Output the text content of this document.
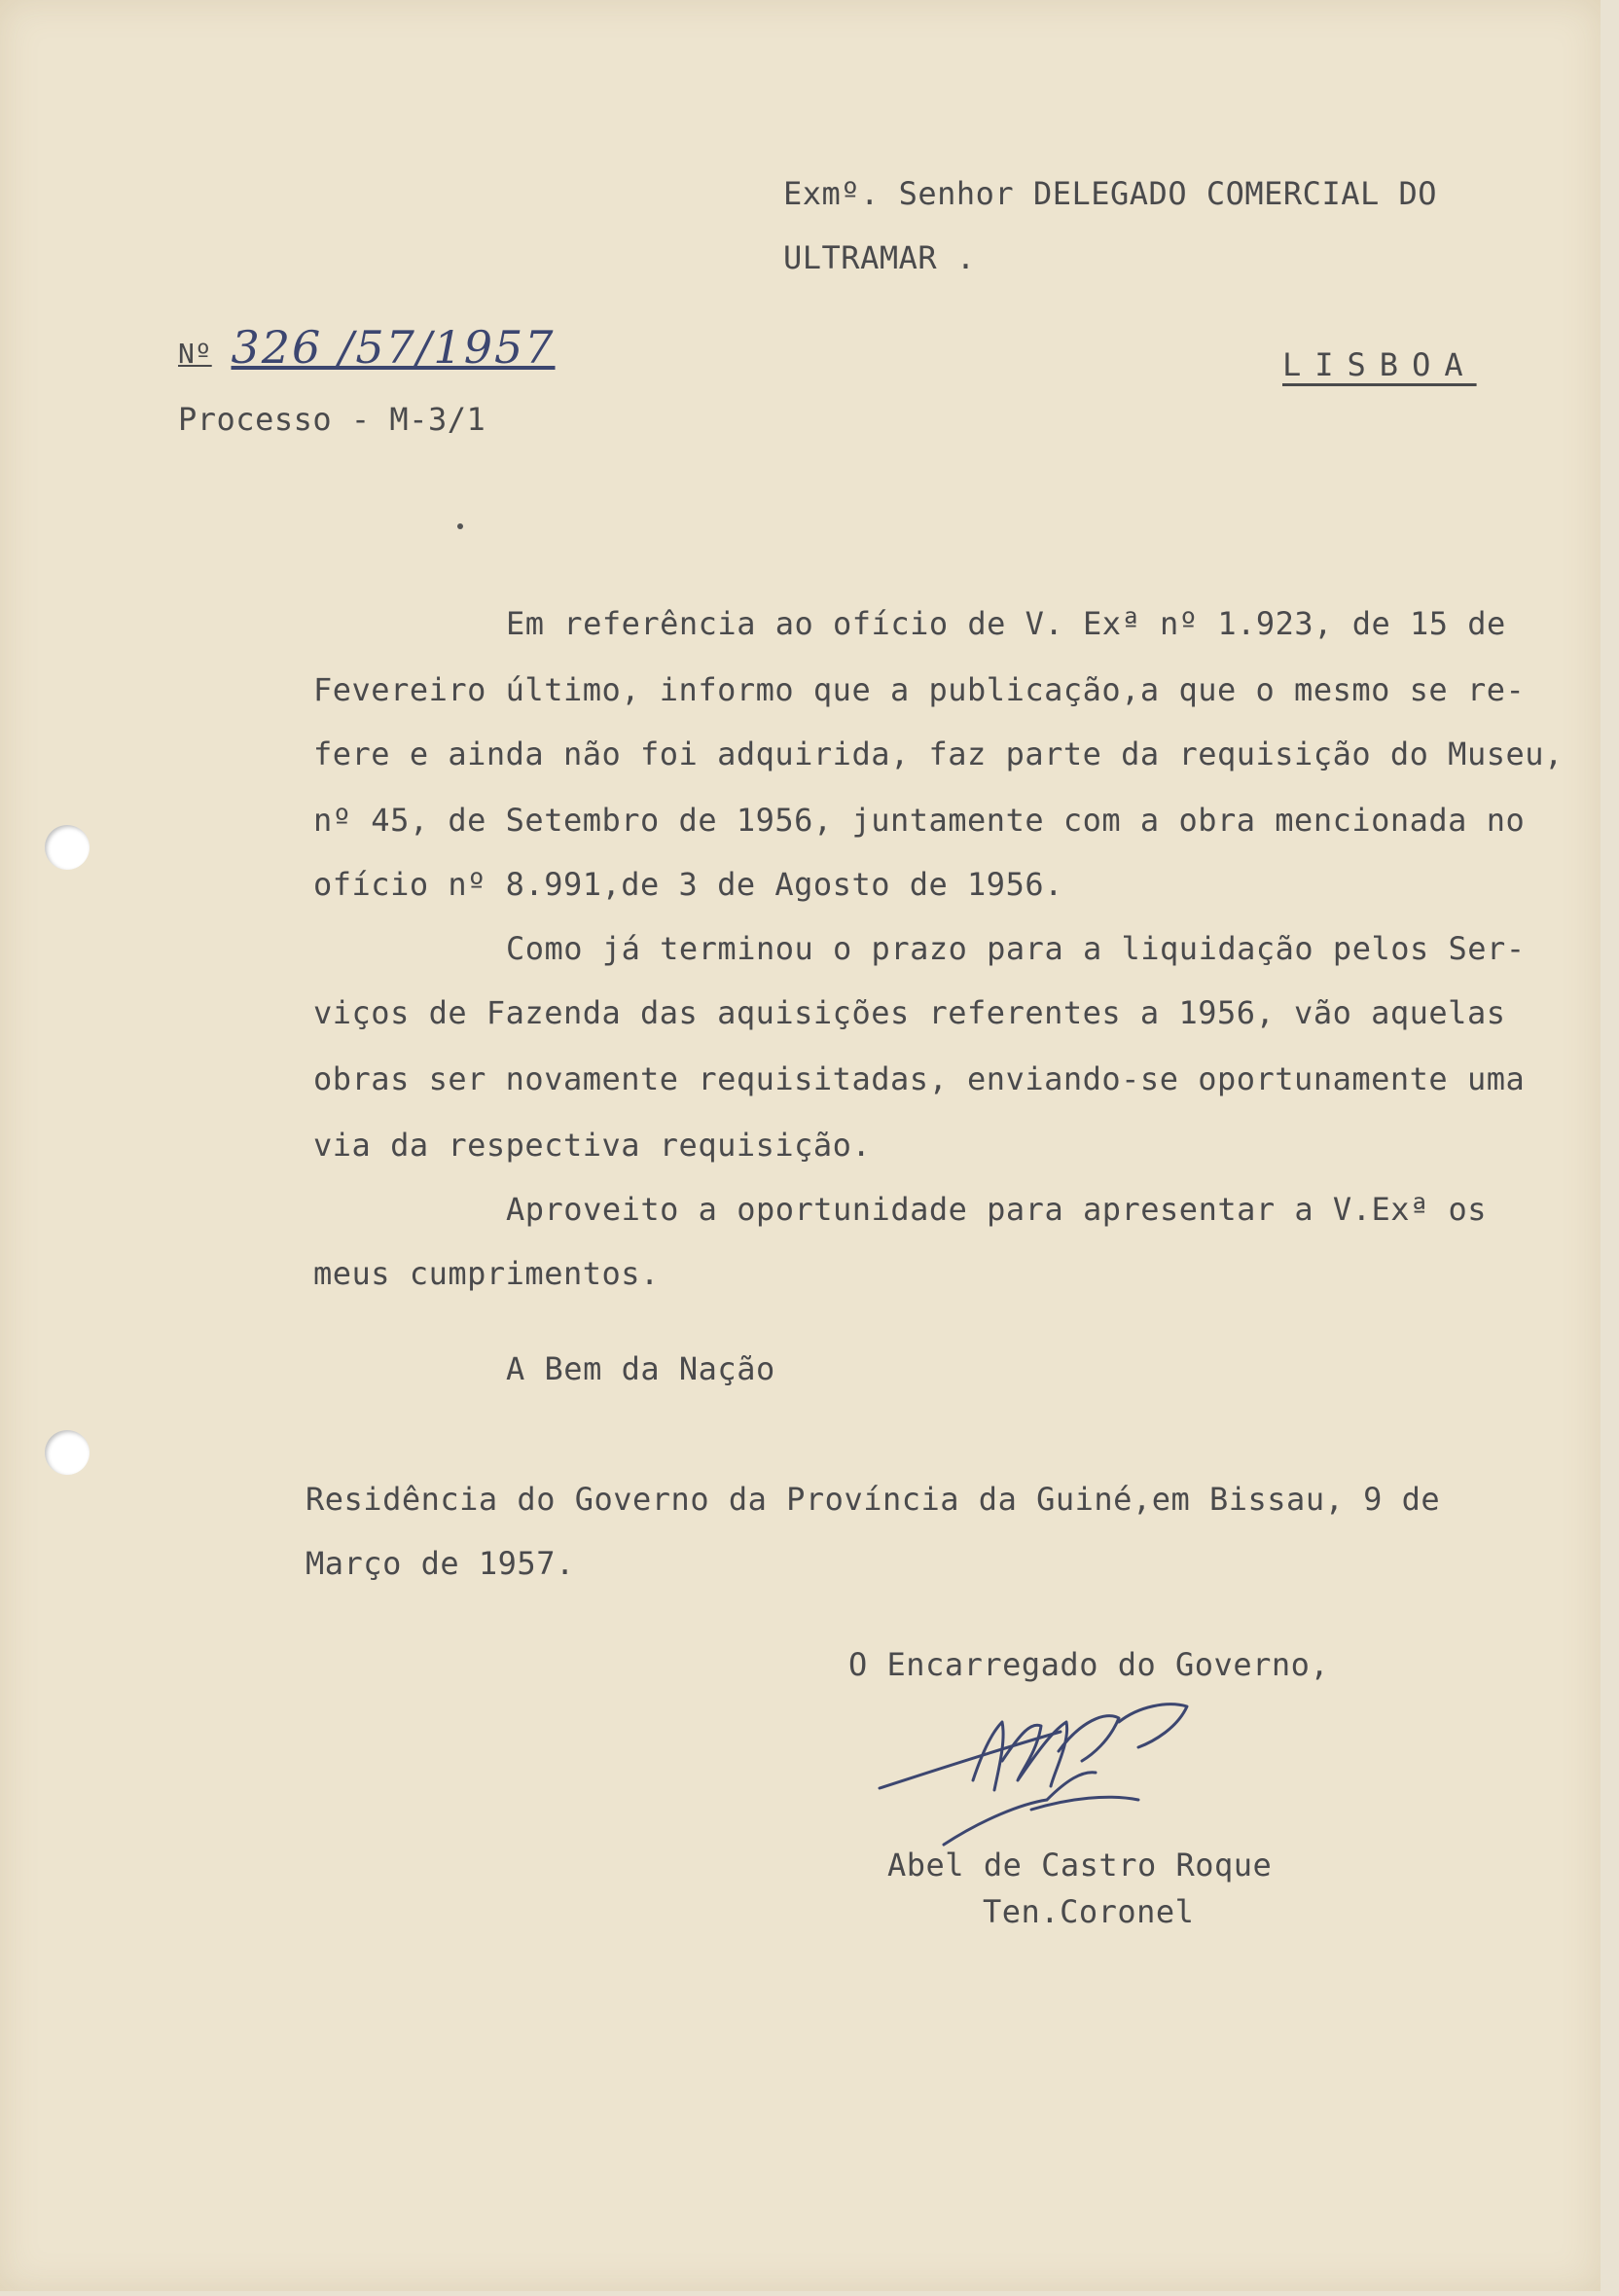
Exmº. Senhor DELEGADO COMERCIAL DO
ULTRAMAR .
Nº 326 /57/1957	LISBOA
Processo - M-3/1
Em referência ao ofício de V. Exª nº 1.923, de 15 de
Fevereiro último, informo que a publicação,a que o mesmo se re-
fere e ainda não foi adquirida, faz parte da requisição do Museu,
nº 45, de Setembro de 1956, juntamente com a obra mencionada no
ofício nº 8.991,de 3 de Agosto de 1956.
Como já terminou o prazo para a liquidação pelos Ser-
viços de Fazenda das aquisições referentes a 1956, vão aquelas
obras ser novamente requisitadas, enviando-se oportunamente uma
via da respectiva requisição.
Aproveito a oportunidade para apresentar a V.Exª os
meus cumprimentos.
A Bem da Nação
Residência do Governo da Província da Guiné,em Bissau, 9 de
Março de 1957.
O Encarregado do Governo,
Abel de Castro Roque
Ten.Coronel
